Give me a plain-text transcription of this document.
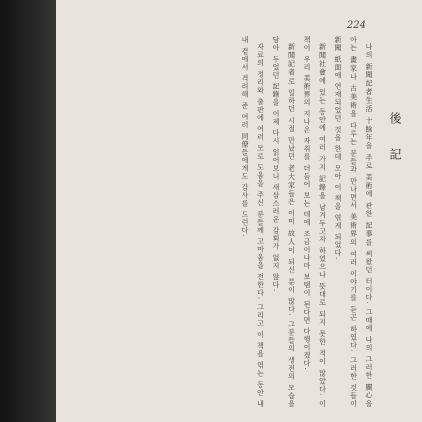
224
後 記

나의 新聞記者生活 十餘年을 주로 美術에 관한 記事를 써왔던 터이다. 그때에 나의 그러한 關心을 아는 畫家나 古美術을 다루는 분들과 만나면서 美術界의 여러 이야기를 듣곤 하였다. 그러한 것들이 新聞 紙面에 연재되었던 것을 한데 모아 이 책을 엮게 되었다.

新聞社會에 있는 동안에 여러 가지 記錄을 남겨두고자 하였으나 뜻대로 되지 못한 적이 많았다. 이 책이 우리 美術界의 지나온 자취를 더듬어 보는 데에 조금이나마 보탬이 된다면 다행이겠다.

新聞記者로 일하던 시절 만났던 老大家들은 이미 故人이 되신 분이 많다. 그분들의 생전의 모습을 담아 두었던 記錄을 이제 다시 읽어보니 새삼스러운 감회가 없지 않다.

자료의 정리와 출판에 여러 모로 도움을 주신 분들께 고마움을 전한다. 그리고 이 책을 엮는 동안 내내 곁에서 격려해 준 여러 同僚들에게도 감사를 드린다.
